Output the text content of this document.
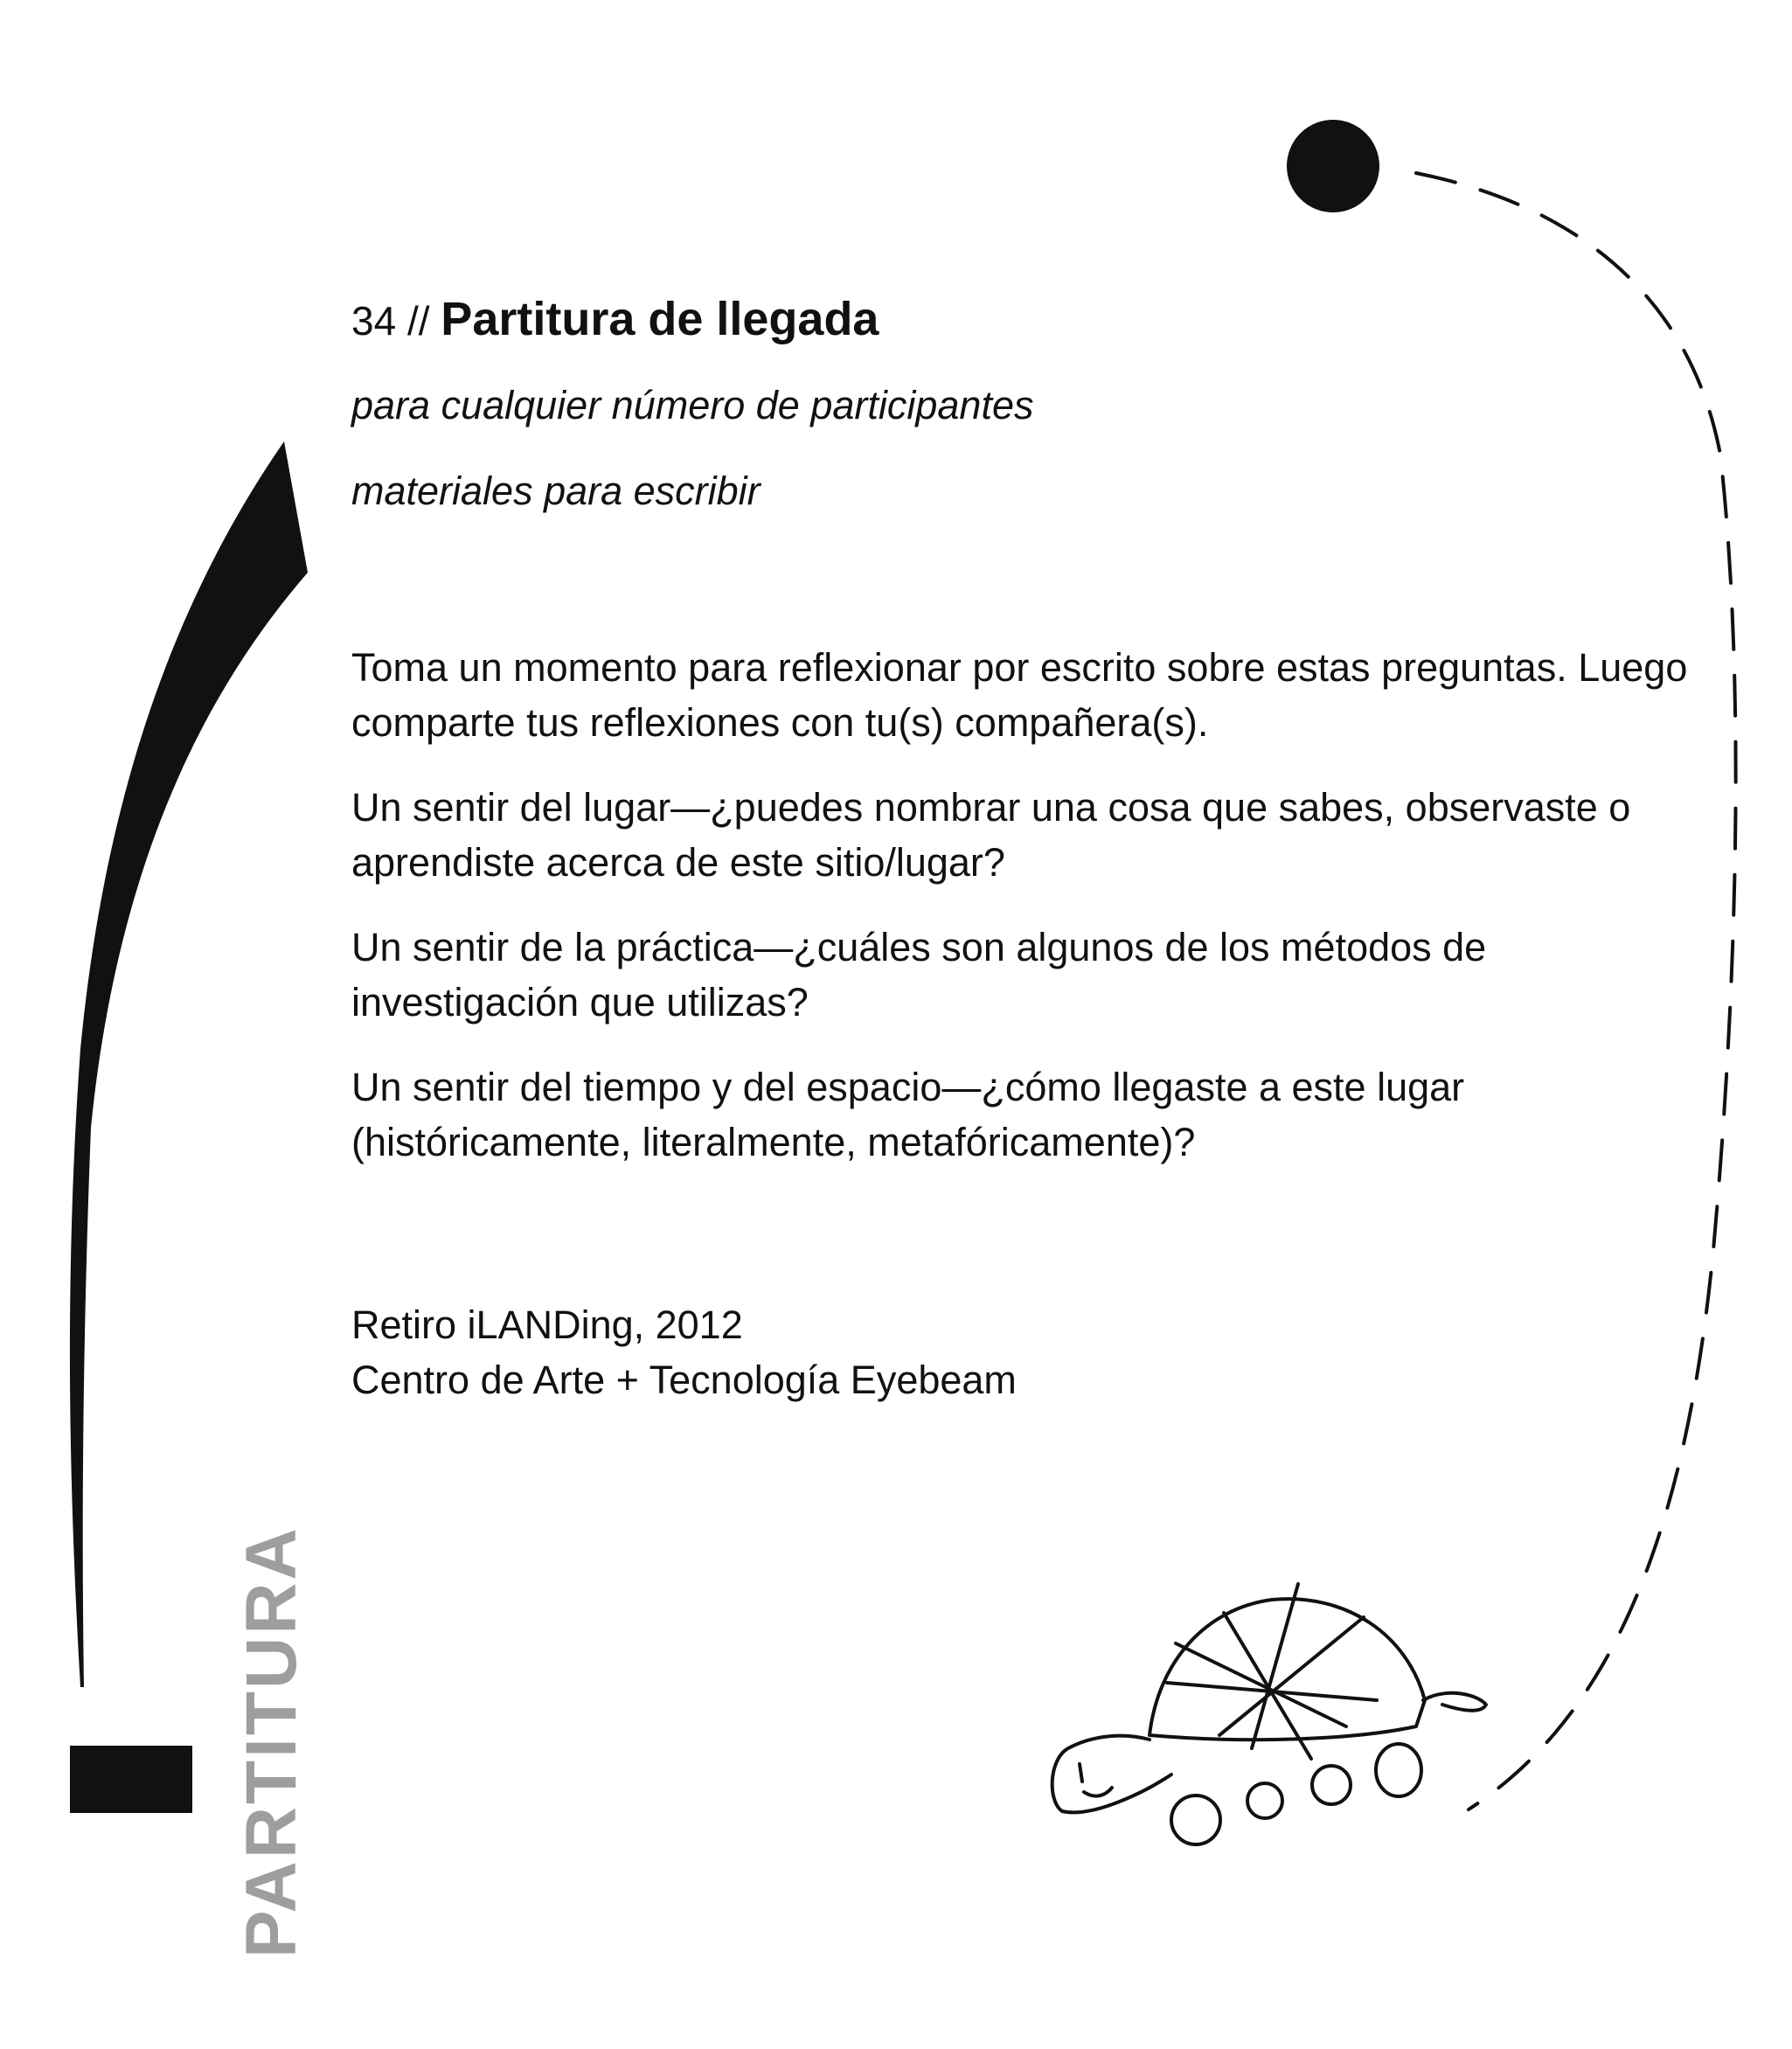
34 // Partitura de llegada

para cualquier número de participantes

materiales para escribir

Toma un momento para reflexionar por escrito sobre estas preguntas. Luego comparte tus reflexiones con tu(s) compañera(s).

Un sentir del lugar—¿puedes nombrar una cosa que sabes, observaste o aprendiste acerca de este sitio/lugar?

Un sentir de la práctica—¿cuáles son algunos de los métodos de investigación que utilizas?

Un sentir del tiempo y del espacio—¿cómo llegaste a este lugar (históricamente, literalmente, metafóricamente)?

Retiro iLANDing, 2012
Centro de Arte + Tecnología Eyebeam
PARTITURA
